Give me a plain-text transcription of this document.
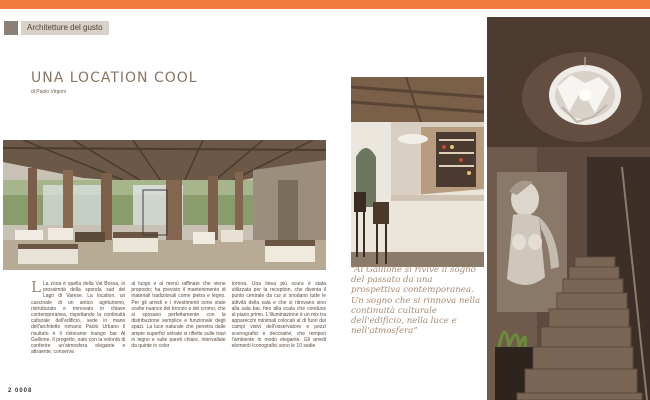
Architetture del gusto
UNA LOCATION COOL
di Paolo Virgoni
L La zona è quella della Val Bossa, in prossimità della sponda sud del Lago di Varese. La location, un cascinale di un antico agriturismo, ristrutturato e rinnovato in chiave contemporanea, rispettando la continuità culturale dell'edificio, sede in mano dell'architetto romano Paolo Urbano il risultato è il ristorante lounge bar Al Gallione. Il progetto, nato con la volontà di conferire un'atmosfera elegante e attraente, conserva
al luogo e al menù raffinato che viene proposto; ha previsto il mantenimento di materiali tradizionali come pietra e legno. Per gli arredi e i rivestimenti sono state scelte nuance del bronzo e del cromo, che si sposano perfettamente con la distribuzione semplice e funzionale degli spazi. La luce naturale che penetra dalle ampie superfici vetrate si riflette sulle travi in legno e sulle pareti chiare, intervallate da quinte in color
tortora. Una linea più scura è stata utilizzata per la reception, che diventa il punto centrale da cui si snodano tutte le attività della sala e che si ritrovano sino alla sala bar, fino alla scala che conduce al piano primo. L'illuminazione è un mix tra apparecchi minimali colocati al di fuori dei campi visivi dell'osservatore e pezzi scenografici e decorativi, che tempori l'ambiente in modo elegante. Gli arredi elementi Iconografici sono le 10 sedie
2 0008
“Al Gallione si rivive il sogno del passato da una prospettiva contemporanea. Un sogno che si rinnova nella continuità culturale dell'edificio, nella luce e nell'atmosfera”
